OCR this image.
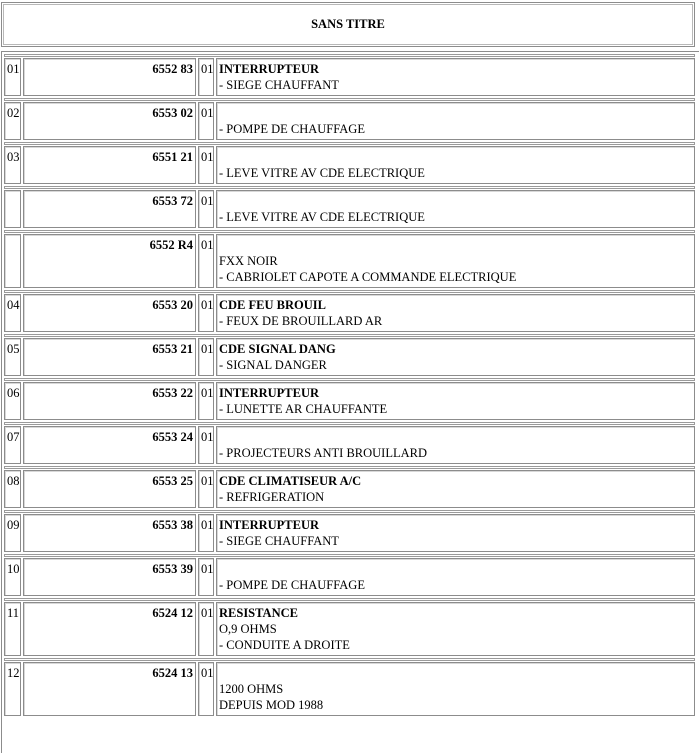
SANS TITRE
01	6552 83 01 INTERRUPTEUR
- SIEGE CHAUFFANT
02	6553 02 01
- POMPE DE CHAUFFAGE
03	6551 21 01
- LEVE VITRE AV CDE ELECTRIQUE
6553 72 01
- LEVE VITRE AV CDE ELECTRIQUE
6552 R4 01
FXX NOIR
- CABRIOLET CAPOTE A COMMANDE ELECTRIQUE
04	6553 20 01 CDE FEU BROUIL
- FEUX DE BROUILLARD AR
05	6553 21 01 CDE SIGNAL DANG
- SIGNAL DANGER
06	6553 22 01 INTERRUPTEUR
- LUNETTE AR CHAUFFANTE
07	6553 24 01
- PROJECTEURS ANTI BROUILLARD
08	6553 25 01 CDE CLIMATISEUR A/C
- REFRIGERATION
09	6553 38 01 INTERRUPTEUR
- SIEGE CHAUFFANT
10	6553 39 01
- POMPE DE CHAUFFAGE
11	6524 12 01 RESISTANCE
O,9 OHMS
- CONDUITE A DROITE
12	6524 13 01
1200 OHMS
DEPUIS MOD 1988
